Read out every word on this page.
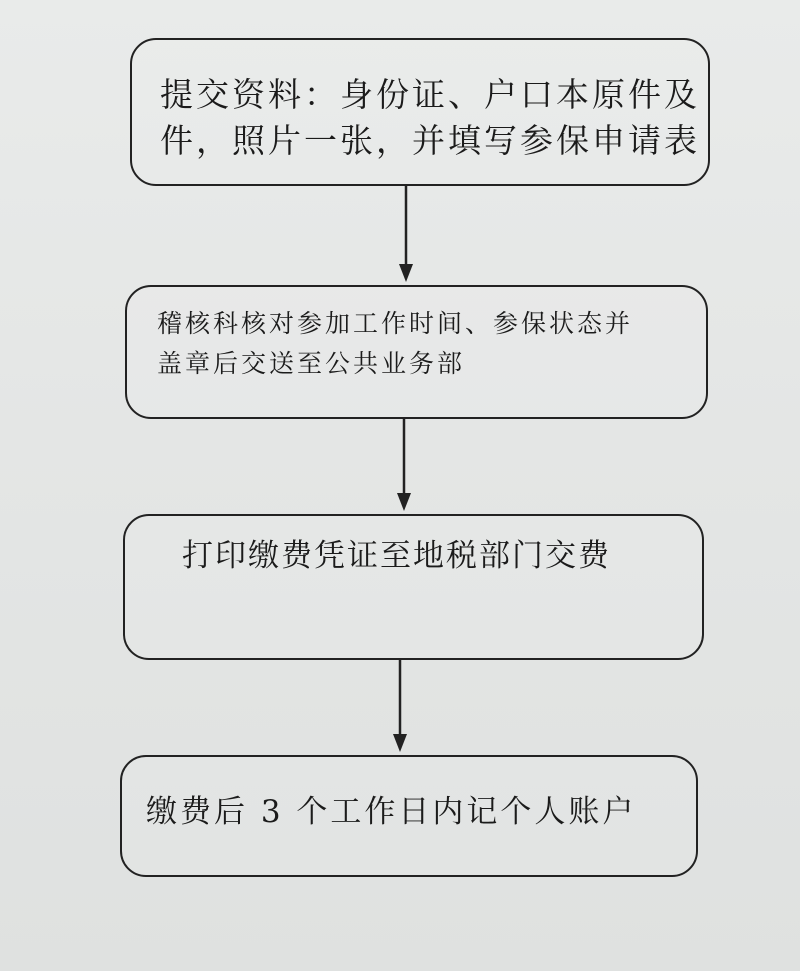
提交资料：身份证、户口本原件及
件，照片一张，并填写参保申请表
稽核科核对参加工作时间、参保状态并
盖章后交送至公共业务部
打印缴费凭证至地税部门交费
缴费后 3 个工作日内记个人账户
